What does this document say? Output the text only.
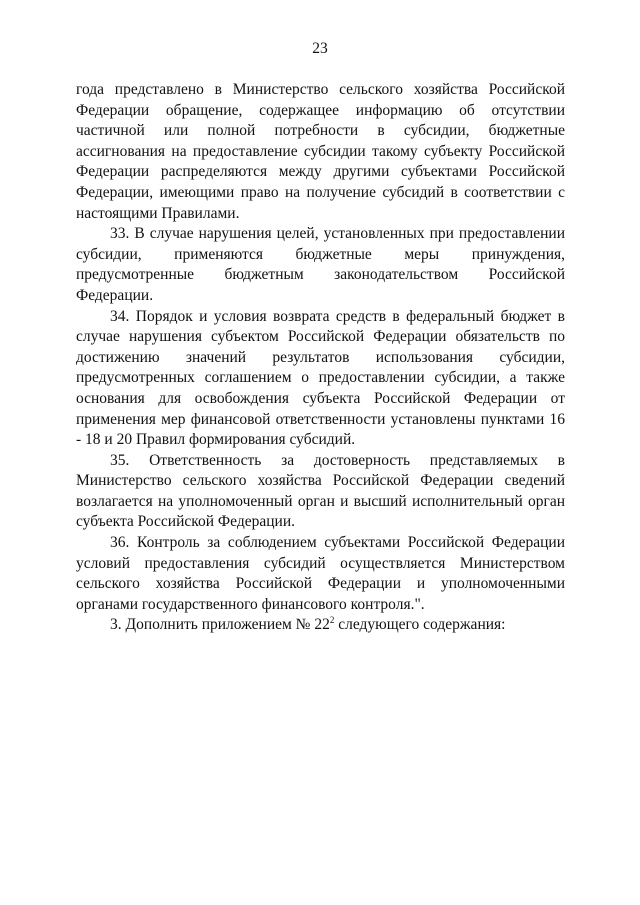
23

года представлено в Министерство сельского хозяйства Российской Федерации обращение, содержащее информацию об отсутствии частичной или полной потребности в субсидии, бюджетные ассигнования на предоставление субсидии такому субъекту Российской Федерации распределяются между другими субъектами Российской Федерации, имеющими право на получение субсидий в соответствии с настоящими Правилами.

33. В случае нарушения целей, установленных при предоставлении субсидии, применяются бюджетные меры принуждения, предусмотренные бюджетным законодательством Российской Федерации.

34. Порядок и условия возврата средств в федеральный бюджет в случае нарушения субъектом Российской Федерации обязательств по достижению значений результатов использования субсидии, предусмотренных соглашением о предоставлении субсидии, а также основания для освобождения субъекта Российской Федерации от применения мер финансовой ответственности установлены пунктами 16 - 18 и 20 Правил формирования субсидий.

35. Ответственность за достоверность представляемых в Министерство сельского хозяйства Российской Федерации сведений возлагается на уполномоченный орган и высший исполнительный орган субъекта Российской Федерации.

36. Контроль за соблюдением субъектами Российской Федерации условий предоставления субсидий осуществляется Министерством сельского хозяйства Российской Федерации и уполномоченными органами государственного финансового контроля.".

3. Дополнить приложением № $22^2$ следующего содержания:
